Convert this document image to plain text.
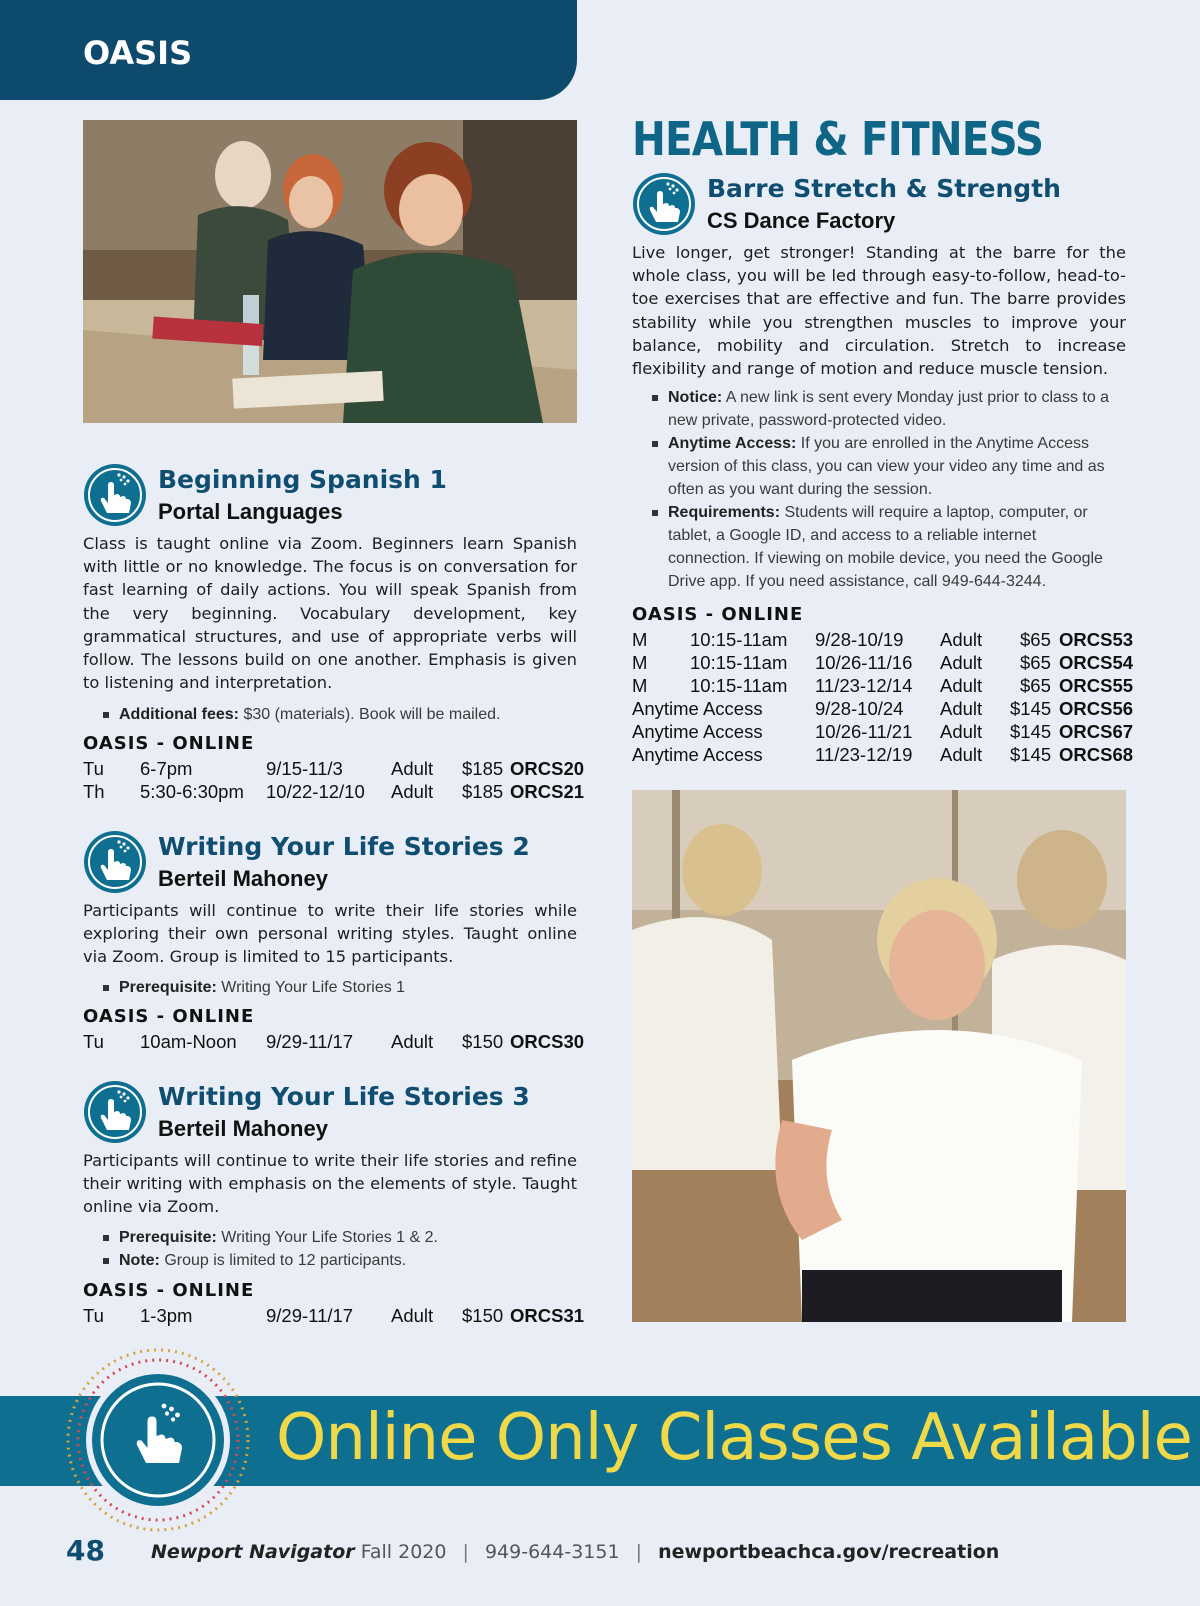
OASIS
Beginning Spanish 1
Portal Languages
Class is taught online via Zoom. Beginners learn Spanish with little or no knowledge. The focus is on conversation for fast learning of daily actions. You will speak Spanish from the very beginning. Vocabulary development, key grammatical structures, and use of appropriate verbs will follow. The lessons build on one another. Emphasis is given to listening and interpretation.
Additional fees: $30 (materials). Book will be mailed.
OASIS - ONLINE
Tu 6-7pm	9/15-11/3	Adult $185 ORCS20
Th 5:30-6:30pm 10/22-12/10 Adult $185 ORCS21
Writing Your Life Stories 2
Berteil Mahoney
Participants will continue to write their life stories while exploring their own personal writing styles. Taught online via Zoom. Group is limited to 15 participants.
Prerequisite: Writing Your Life Stories 1
OASIS - ONLINE
Tu 10am-Noon 9/29-11/17 Adult $150 ORCS30
Writing Your Life Stories 3
Berteil Mahoney
Participants will continue to write their life stories and refine their writing with emphasis on the elements of style. Taught online via Zoom.
Prerequisite: Writing Your Life Stories 1 & 2.
Note: Group is limited to 12 participants.
OASIS - ONLINE
Tu 1-3pm	9/29-11/17 Adult $150 ORCS31
HEALTH & FITNESS
Barre Stretch & Strength
CS Dance Factory
Live longer, get stronger! Standing at the barre for the whole class, you will be led through easy-to-follow, head-to-toe exercises that are effective and fun. The barre provides stability while you strengthen muscles to improve your balance, mobility and circulation. Stretch to increase flexibility and range of motion and reduce muscle tension.
Notice: A new link is sent every Monday just prior to class to a new private, password-protected video.
Anytime Access: If you are enrolled in the Anytime Access version of this class, you can view your video any time and as often as you want during the session.
Requirements: Students will require a laptop, computer, or tablet, a Google ID, and access to a reliable internet connection. If viewing on mobile device, you need the Google Drive app. If you need assistance, call 949-644-3244.
OASIS - ONLINE
M 10:15-11am 9/28-10/19 Adult $65 ORCS53
M 10:15-11am 10/26-11/16 Adult $65 ORCS54
M 10:15-11am 11/23-12/14 Adult $65 ORCS55
Anytime Access	9/28-10/24 Adult $145 ORCS56
Anytime Access	10/26-11/21 Adult $145 ORCS67
Anytime Access	11/23-12/19 Adult $145 ORCS68
Online Only Classes Available
48 Newport Navigator Fall 2020 | 949-644-3151 | newportbeachca.gov/recreation
